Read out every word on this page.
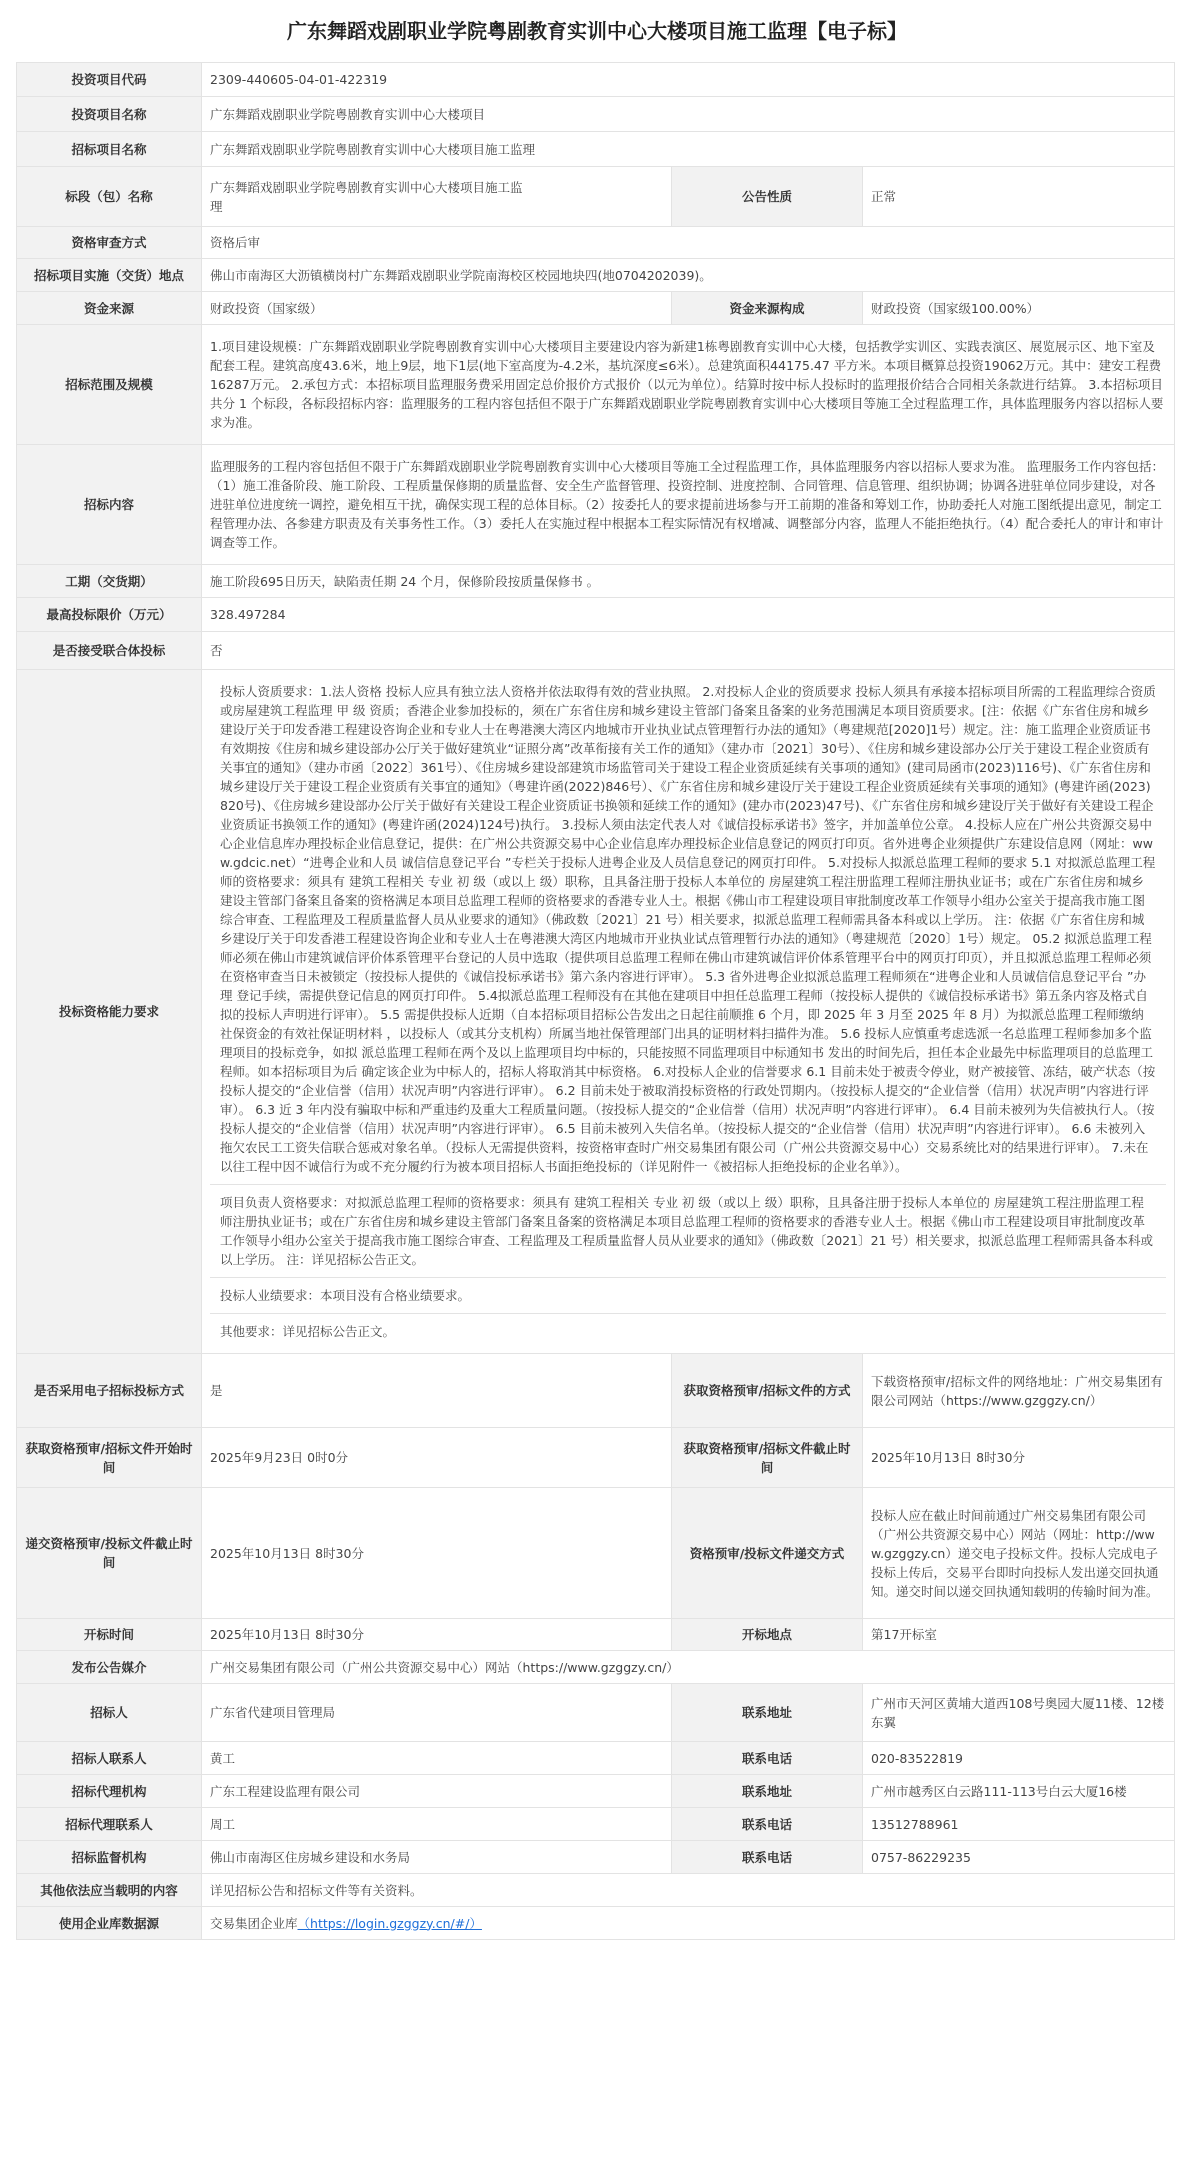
广东舞蹈戏剧职业学院粤剧教育实训中心大楼项目施工监理【电子标】
投资项目代码	2309-440605-04-01-422319		
投资项目名称	广东舞蹈戏剧职业学院粤剧教育实训中心大楼项目		
招标项目名称	广东舞蹈戏剧职业学院粤剧教育实训中心大楼项目施工监理		
标段（包）名称	广东舞蹈戏剧职业学院粤剧教育实训中心大楼项目施工监理	公告性质	正常
资格审查方式	资格后审		
招标项目实施（交货）地点	佛山市南海区大沥镇横岗村广东舞蹈戏剧职业学院南海校区校园地块四(地0704202039)。		
资金来源	财政投资（国家级）	资金来源构成	财政投资（国家级100.00%）
招标范围及规模	1.项目建设规模：广东舞蹈戏剧职业学院粤剧教育实训中心大楼项目主要建设内容为新建1栋粤剧教育实训中心大楼，包括教学实训区、实践表演区、展览展示区、地下室及配套工程。建筑高度43.6米，地上9层，地下1层(地下室高度为-4.2米，基坑深度≤6米）。总建筑面积44175.47 平方米。本项目概算总投资19062万元。其中：建安工程费16287万元。 2.承包方式：本招标项目监理服务费采用固定总价报价方式报价（以元为单位）。结算时按中标人投标时的监理报价结合合同相关条款进行结算。 3.本招标项目共分 1 个标段，各标段招标内容：监理服务的工程内容包括但不限于广东舞蹈戏剧职业学院粤剧教育实训中心大楼项目等施工全过程监理工作，具体监理服务内容以招标人要求为准。		
招标内容	监理服务的工程内容包括但不限于广东舞蹈戏剧职业学院粤剧教育实训中心大楼项目等施工全过程监理工作，具体监理服务内容以招标人要求为准。 监理服务工作内容包括：（1）施工准备阶段、施工阶段、工程质量保修期的质量监督、安全生产监督管理、投资控制、进度控制、合同管理、信息管理、组织协调；协调各进驻单位同步建设，对各进驻单位进度统一调控，避免相互干扰，确保实现工程的总体目标。（2）按委托人的要求提前进场参与开工前期的准备和筹划工作，协助委托人对施工图纸提出意见，制定工程管理办法、各参建方职责及有关事务性工作。（3）委托人在实施过程中根据本工程实际情况有权增减、调整部分内容，监理人不能拒绝执行。（4）配合委托人的审计和审计调查等工作。		
工期（交货期）	施工阶段695日历天，缺陷责任期 24 个月，保修阶段按质量保修书 。		
最高投标限价（万元）	328.497284		
是否接受联合体投标	否		
投标资格能力要求	投标人资质要求：1.法人资格 投标人应具有独立法人资格并依法取得有效的营业执照。 2.对投标人企业的资质要求 投标人须具有承接本招标项目所需的工程监理综合资质或房屋建筑工程监理 甲 级 资质；香港企业参加投标的，须在广东省住房和城乡建设主管部门备案且备案的业务范围满足本项目资质要求。[注：依据《广东省住房和城乡建设厅关于印发香港工程建设咨询企业和专业人士在粤港澳大湾区内地城市开业执业试点管理暂行办法的通知》（粤建规范[2020]1号）规定。注：施工监理企业资质证书有效期按《住房和城乡建设部办公厅关于做好建筑业“证照分离”改革衔接有关工作的通知》（建办市〔2021〕30号）、《住房和城乡建设部办公厅关于建设工程企业资质有关事宜的通知》（建办市函〔2022〕361号）、《住房城乡建设部建筑市场监管司关于建设工程企业资质延续有关事项的通知》(建司局函市(2023)116号)、《广东省住房和城乡建设厅关于建设工程企业资质有关事宜的通知》（粤建许函(2022)846号）、《广东省住房和城乡建设厅关于建设工程企业资质延续有关事项的通知》(粤建许函(2023)820号)、《住房城乡建设部办公厅关于做好有关建设工程企业资质证书换领和延续工作的通知》(建办市(2023)47号)、《广东省住房和城乡建设厅关于做好有关建设工程企业资质证书换领工作的通知》(粤建许函(2024)124号)执行。 3.投标人须由法定代表人对《诚信投标承诺书》签字，并加盖单位公章。 4.投标人应在广州公共资源交易中心企业信息库办理投标企业信息登记，提供：在广州公共资源交易中心企业信息库办理投标企业信息登记的网页打印页。省外进粤企业须提供广东建设信息网（网址：www.gdcic.net）“进粤企业和人员 诚信信息登记平台 ”专栏关于投标人进粤企业及人员信息登记的网页打印件。 5.对投标人拟派总监理工程师的要求 5.1 对拟派总监理工程师的资格要求：须具有 建筑工程相关 专业 初 级（或以上 级）职称，且具备注册于投标人本单位的 房屋建筑工程注册监理工程师注册执业证书；或在广东省住房和城乡建设主管部门备案且备案的资格满足本项目总监理工程师的资格要求的香港专业人士。根据《佛山市工程建设项目审批制度改革工作领导小组办公室关于提高我市施工图综合审查、工程监理及工程质量监督人员从业要求的通知》（佛政数〔2021〕21 号）相关要求，拟派总监理工程师需具备本科或以上学历。 注：依据《广东省住房和城乡建设厅关于印发香港工程建设咨询企业和专业人士在粤港澳大湾区内地城市开业执业试点管理暂行办法的通知》（粤建规范〔2020〕1号）规定。 05.2 拟派总监理工程师必须在佛山市建筑诚信评价体系管理平台登记的人员中选取（提供项目总监理工程师在佛山市建筑诚信评价体系管理平台中的网页打印页），并且拟派总监理工程师必须在资格审查当日未被锁定（按投标人提供的《诚信投标承诺书》第六条内容进行评审）。 5.3 省外进粤企业拟派总监理工程师须在“进粤企业和人员诚信信息登记平台 ”办理 登记手续，需提供登记信息的网页打印件。 5.4拟派总监理工程师没有在其他在建项目中担任总监理工程师（按投标人提供的《诚信投标承诺书》第五条内容及格式自拟的投标人声明进行评审）。 5.5 需提供投标人近期（自本招标项目招标公告发出之日起往前顺推 6 个月，即 2025 年 3 月至 2025 年 8 月）为拟派总监理工程师缴纳社保资金的有效社保证明材料 ，以投标人（或其分支机构）所属当地社保管理部门出具的证明材料扫描件为准。 5.6 投标人应慎重考虑选派一名总监理工程师参加多个监理项目的投标竞争，如拟 派总监理工程师在两个及以上监理项目均中标的，只能按照不同监理项目中标通知书 发出的时间先后，担任本企业最先中标监理项目的总监理工程师。如本招标项目为后 确定该企业为中标人的，招标人将取消其中标资格。 6.对投标人企业的信誉要求 6.1 目前未处于被责令停业，财产被接管、冻结，破产状态（按投标人提交的“企业信誉（信用）状况声明”内容进行评审）。 6.2 目前未处于被取消投标资格的行政处罚期内。（按投标人提交的“企业信誉（信用）状况声明”内容进行评审）。 6.3 近 3 年内没有骗取中标和严重违约及重大工程质量问题。（按投标人提交的“企业信誉（信用）状况声明”内容进行评审）。 6.4 目前未被列为失信被执行人。（按投标人提交的“企业信誉（信用）状况声明”内容进行评审）。 6.5 目前未被列入失信名单。（按投标人提交的“企业信誉（信用）状况声明”内容进行评审）。 6.6 未被列入拖欠农民工工资失信联合惩戒对象名单。（投标人无需提供资料，按资格审查时广州交易集团有限公司（广州公共资源交易中心）交易系统比对的结果进行评审）。 7.未在以往工程中因不诚信行为或不充分履约行为被本项目招标人书面拒绝投标的（详见附件一《被招标人拒绝投标的企业名单》）。
项目负责人资格要求：对拟派总监理工程师的资格要求：须具有 建筑工程相关 专业 初 级（或以上 级）职称，且具备注册于投标人本单位的 房屋建筑工程注册监理工程师注册执业证书；或在广东省住房和城乡建设主管部门备案且备案的资格满足本项目总监理工程师的资格要求的香港专业人士。根据《佛山市工程建设项目审批制度改革工作领导小组办公室关于提高我市施工图综合审查、工程监理及工程质量监督人员从业要求的通知》（佛政数〔2021〕21 号）相关要求，拟派总监理工程师需具备本科或以上学历。 注：详见招标公告正文。
投标人业绩要求：本项目没有合格业绩要求。
其他要求：详见招标公告正文。		

是否采用电子招标投标方式	是	获取资格预审/招标文件的方式	下载资格预审/招标文件的网络地址：广州交易集团有限公司网站（https://www.gzggzy.cn/）
获取资格预审/招标文件开始时间	2025年9月23日 0时0分	获取资格预审/招标文件截止时间	2025年10月13日 8时30分
递交资格预审/投标文件截止时间	2025年10月13日 8时30分	资格预审/投标文件递交方式	投标人应在截止时间前通过广州交易集团有限公司（广州公共资源交易中心）网站（网址：http://www.gzggzy.cn）递交电子投标文件。投标人完成电子投标上传后，交易平台即时向投标人发出递交回执通知。递交时间以递交回执通知载明的传输时间为准。
开标时间	2025年10月13日 8时30分	开标地点	第17开标室
发布公告媒介	广州交易集团有限公司（广州公共资源交易中心）网站（https://www.gzggzy.cn/）		
招标人	广东省代建项目管理局	联系地址	广州市天河区黄埔大道西108号奥园大厦11楼、12楼东翼
招标人联系人	黄工	联系电话	020-83522819
招标代理机构	广东工程建设监理有限公司	联系地址	广州市越秀区白云路111-113号白云大厦16楼
招标代理联系人	周工	联系电话	13512788961
招标监督机构	佛山市南海区住房城乡建设和水务局	联系电话	0757-86229235
其他依法应当载明的内容	详见招标公告和招标文件等有关资料。		
使用企业库数据源	交易集团企业库（https://login.gzggzy.cn/#/）		
